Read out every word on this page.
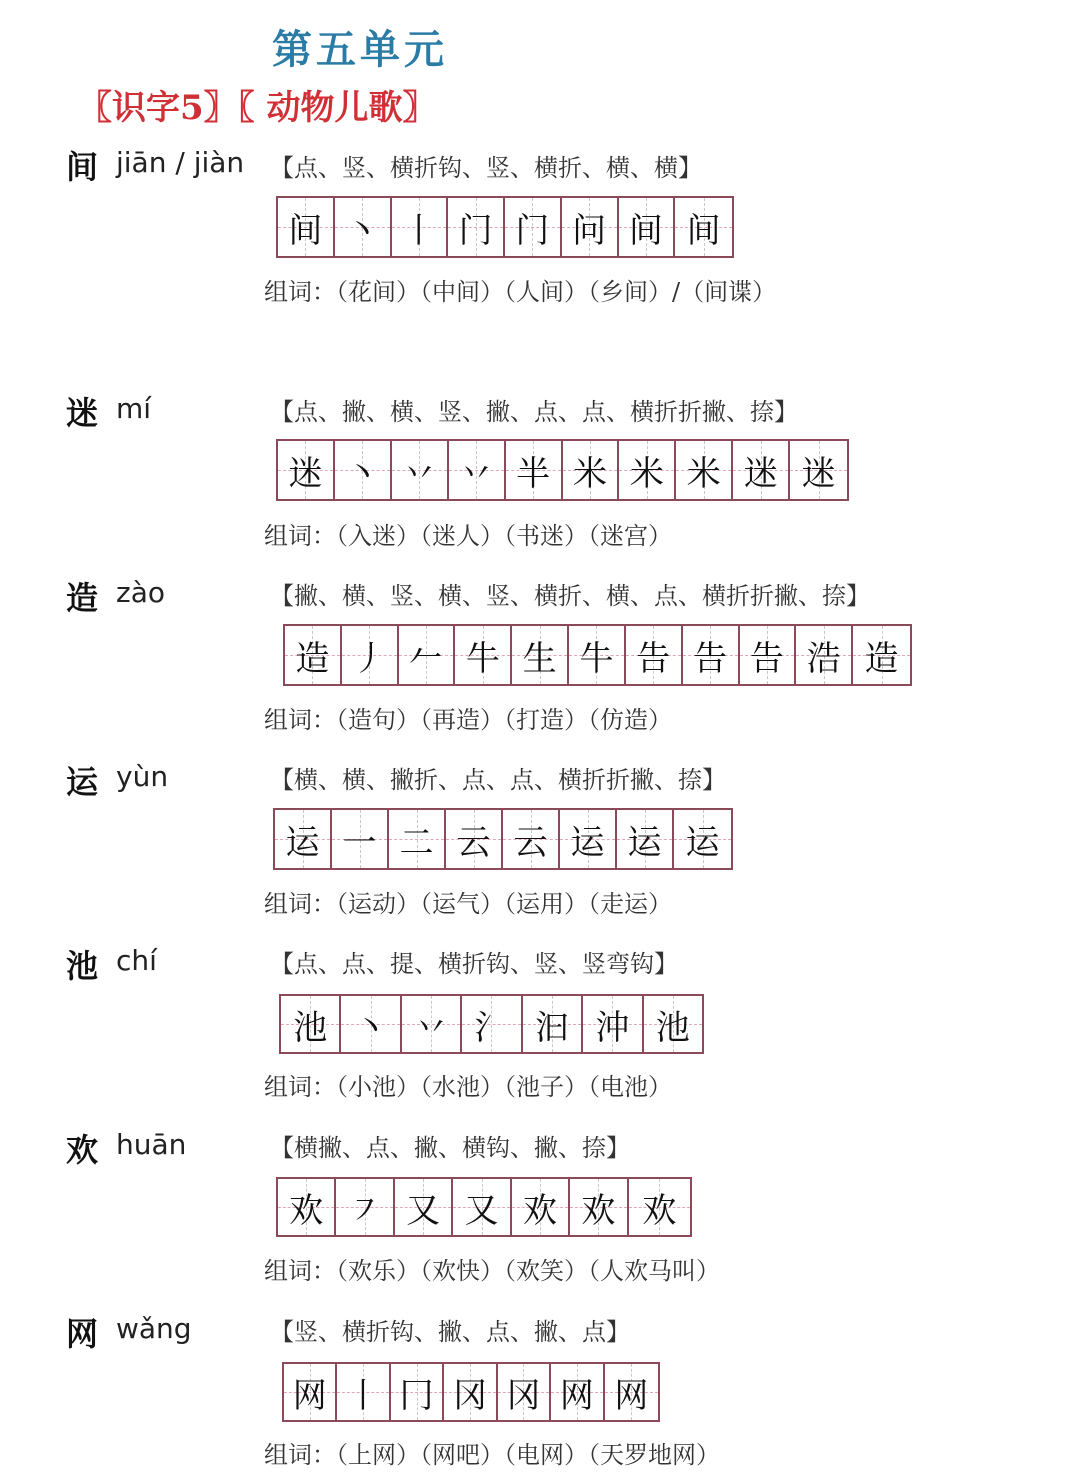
第五单元
〖识字5〗〖 动物儿歌〗
间 jiān / jiàn 【点、竖、横折钩、竖、横折、横、横】
间 丶 丨 门 门 问 间 间
组词：（花间）（中间）（人间）（乡间）/（间谍）
迷 mí	【点、撇、横、竖、撇、点、点、横折折撇、捺】
迷 丶 丷 丷 半 米 米 米 迷 迷
组词：（入迷）（迷人）（书迷）（迷宫）
造 zào	【撇、横、竖、横、竖、横折、横、点、横折折撇、捺】
造 丿 𠂉 牛 生 牛 告 告 告 浩 造
组词：（造句）（再造）（打造）（仿造）
运 yùn	【横、横、撇折、点、点、横折折撇、捺】
运 一 二 云 云 运 运 运
组词：（运动）（运气）（运用）（走运）
池 chí	【点、点、提、横折钩、竖、竖弯钩】
池 丶 丷 氵 汩 沖 池
组词：（小池）（水池）（池子）（电池）
欢 huān	【横撇、点、撇、横钩、撇、捺】
欢 ㇇ 又 又 欢 欢 欢
组词：（欢乐）（欢快）（欢笑）（人欢马叫）
网 wǎng	【竖、横折钩、撇、点、撇、点】
网 丨 冂 冈 冈 网 网
组词：（上网）（网吧）（电网）（天罗地网）
